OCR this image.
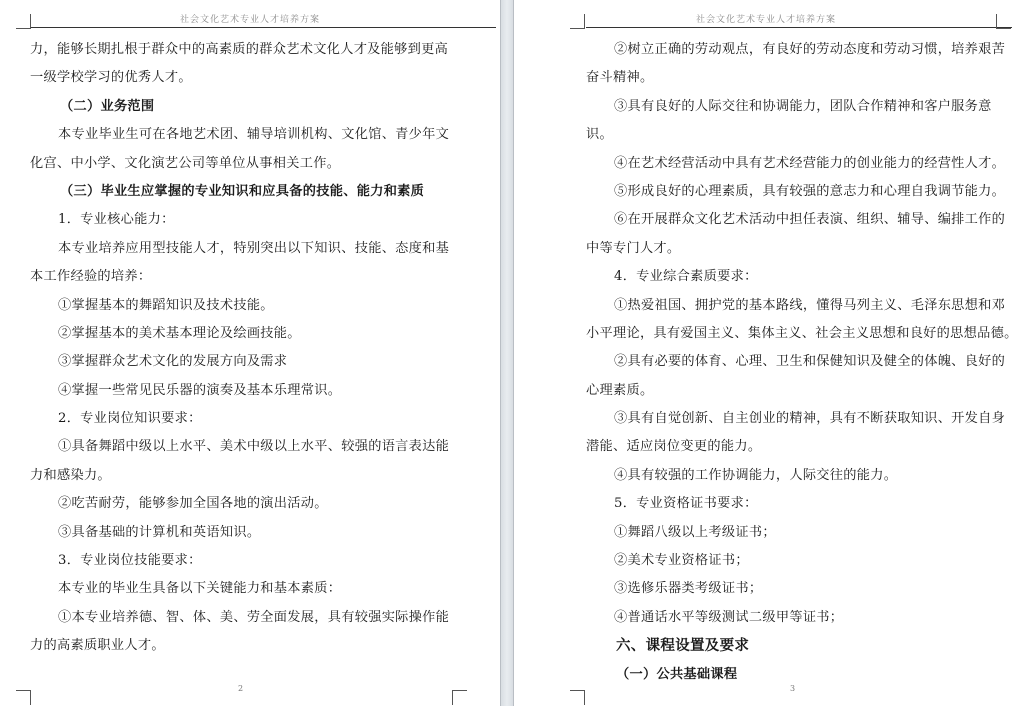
社会文化艺术专业人才培养方案
力，能够长期扎根于群众中的高素质的群众艺术文化人才及能够到更高
一级学校学习的优秀人才。
（二）业务范围
本专业毕业生可在各地艺术团、辅导培训机构、文化馆、青少年文
化宫、中小学、文化演艺公司等单位从事相关工作。
（三）毕业生应掌握的专业知识和应具备的技能、能力和素质
1．专业核心能力：
本专业培养应用型技能人才，特别突出以下知识、技能、态度和基
本工作经验的培养：
①掌握基本的舞蹈知识及技术技能。
②掌握基本的美术基本理论及绘画技能。
③掌握群众艺术文化的发展方向及需求
④掌握一些常见民乐器的演奏及基本乐理常识。
2．专业岗位知识要求：
①具备舞蹈中级以上水平、美术中级以上水平、较强的语言表达能
力和感染力。
②吃苦耐劳，能够参加全国各地的演出活动。
③具备基础的计算机和英语知识。
3．专业岗位技能要求：
本专业的毕业生具备以下关键能力和基本素质：
①本专业培养德、智、体、美、劳全面发展，具有较强实际操作能
力的高素质职业人才。
2
社会文化艺术专业人才培养方案
②树立正确的劳动观点，有良好的劳动态度和劳动习惯，培养艰苦
奋斗精神。
③具有良好的人际交往和协调能力，团队合作精神和客户服务意
识。
④在艺术经营活动中具有艺术经营能力的创业能力的经营性人才。
⑤形成良好的心理素质，具有较强的意志力和心理自我调节能力。
⑥在开展群众文化艺术活动中担任表演、组织、辅导、编排工作的
中等专门人才。
4．专业综合素质要求：
①热爱祖国、拥护党的基本路线，懂得马列主义、毛泽东思想和邓
小平理论，具有爱国主义、集体主义、社会主义思想和良好的思想品德。
②具有必要的体育、心理、卫生和保健知识及健全的体魄、良好的
心理素质。
③具有自觉创新、自主创业的精神，具有不断获取知识、开发自身
潜能、适应岗位变更的能力。
④具有较强的工作协调能力，人际交往的能力。
5．专业资格证书要求：
①舞蹈八级以上考级证书；
②美术专业资格证书；
③选修乐器类考级证书；
④普通话水平等级测试二级甲等证书；
六、课程设置及要求
（一）公共基础课程
3
